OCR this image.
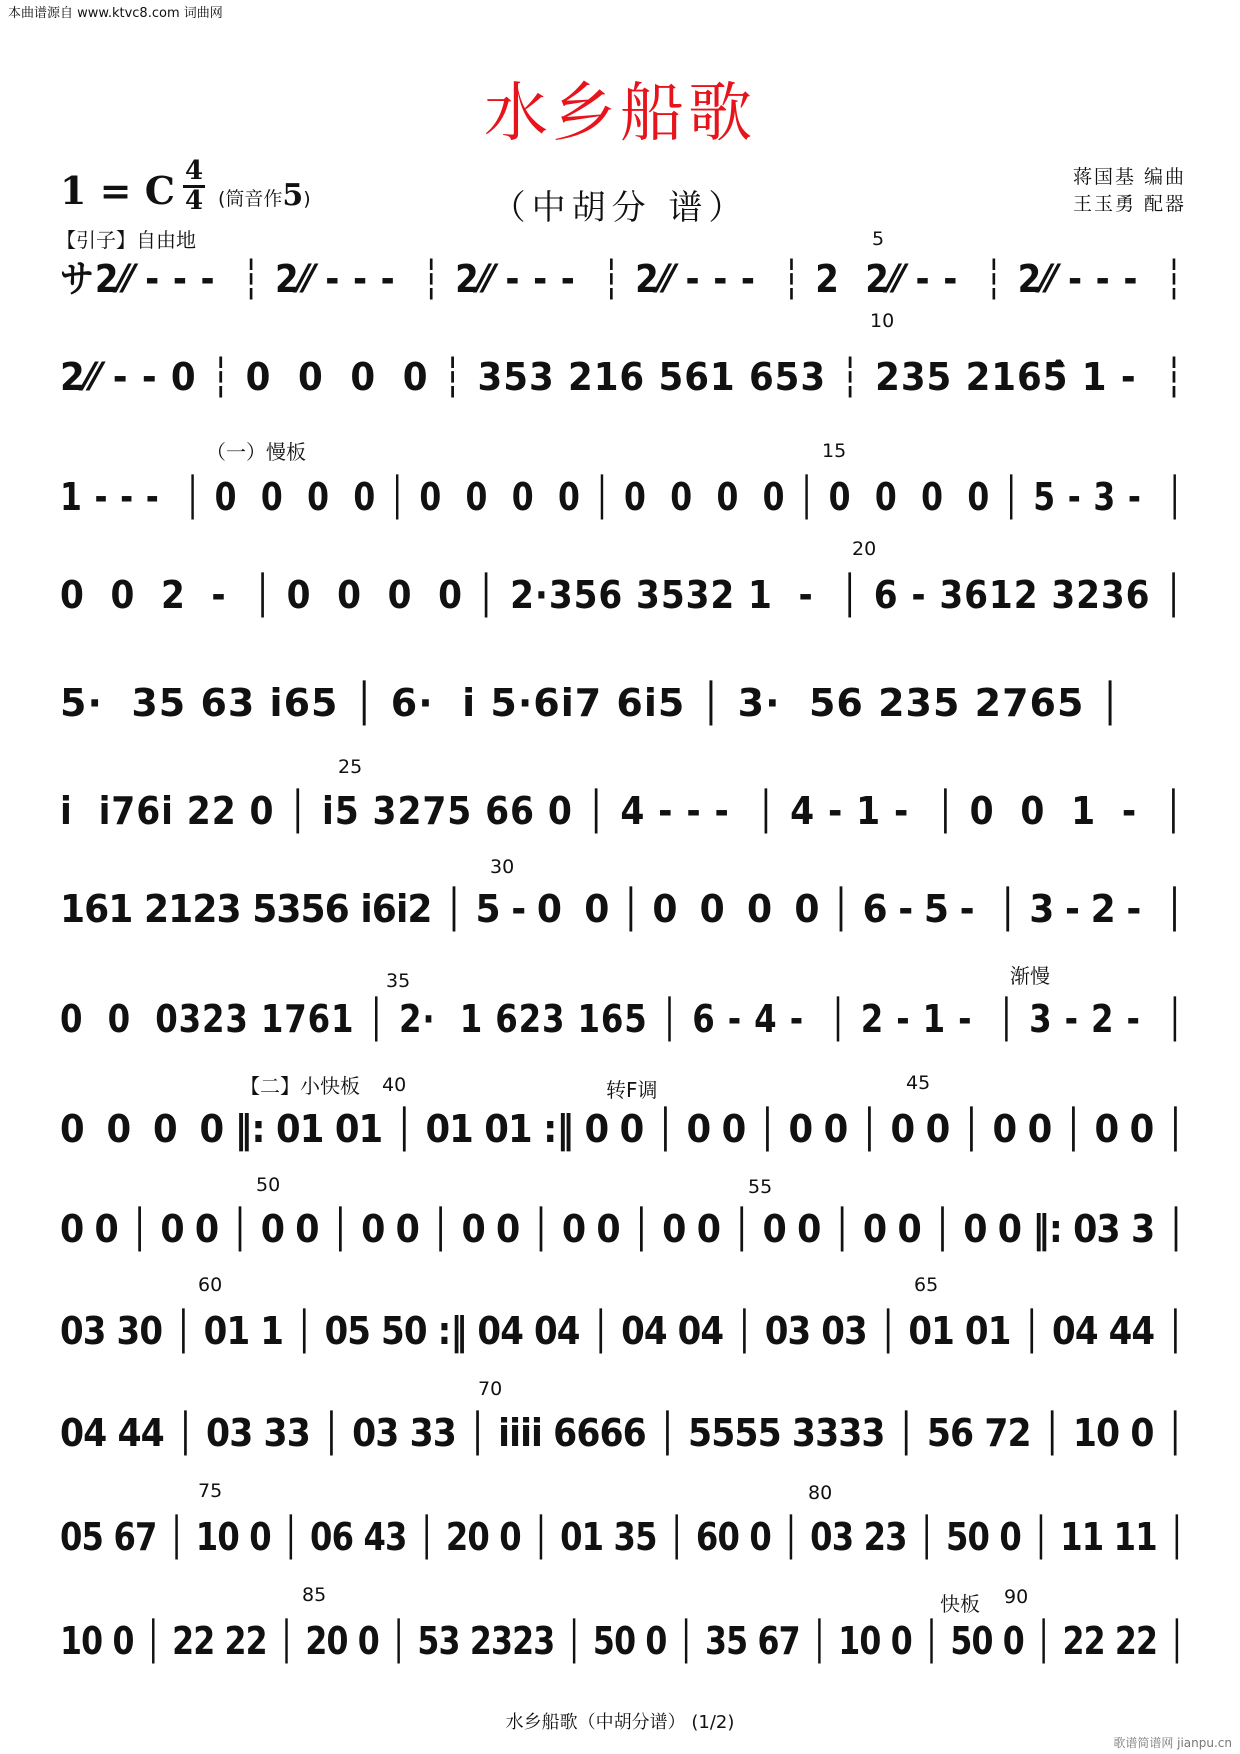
本曲谱源自 www.ktvc8.com 词曲网
水乡船歌
1 = C 4
4 (筒音作5)	（中胡分 谱）
蒋国基 编曲
王玉勇 配器
【引子】自由地
（一）慢板
渐慢
【二】小快板	转F调
快板
5
10
15
20
25
30
35
40	45
50	55
60	65
70
75	80
85	90
サ2⁄⁄ - - -  ┆ 2⁄⁄ - - -  ┆ 2⁄⁄ - - -  ┆ 2⁄⁄ - - -  ┆ 2  2⁄⁄ - -  ┆ 2⁄⁄ - - -  ┆
2⁄⁄ - - 0 ┆ 0  0  0  0 ┆ 353 216 561 653 ┆ 235 2165̂ 1 -  ┆
1 - - -  │ 0  0  0  0 │ 0  0  0  0 │ 0  0  0  0 │ 0  0  0  0 │ 5 - 3 -  │
0  0  2  -  │ 0  0  0  0 │ 2·356 3532 1  -  │ 6 - 3612 3236 │
5·  35 63 i65 │ 6·  i 5·6i7 6i5 │ 3·  56 235 2765 │
i  i76i 22 0 │ i5 3275 66 0 │ 4 - - -  │ 4 - 1 -  │ 0  0  1  -  │
161 2123 5356 i6i2 │ 5 - 0  0 │ 0  0  0  0 │ 6 - 5 -  │ 3 - 2 -  │
0  0  0323 1761 │ 2·  1 623 165 │ 6 - 4 -  │ 2 - 1 -  │ 3 - 2 -  │
0  0  0  0 ‖: 01 01 │ 01 01 :‖ 0 0 │ 0 0 │ 0 0 │ 0 0 │ 0 0 │ 0 0 │
0 0 │ 0 0 │ 0 0 │ 0 0 │ 0 0 │ 0 0 │ 0 0 │ 0 0 │ 0 0 │ 0 0 ‖: 03 3 │
03 30 │ 01 1 │ 05 50 :‖ 04 04 │ 04 04 │ 03 03 │ 01 01 │ 04 44 │
04 44 │ 03 33 │ 03 33 │ iiii 6666 │ 5555 3333 │ 56 72 │ 10 0 │
05 67 │ 10 0 │ 06 43 │ 20 0 │ 01 35 │ 60 0 │ 03 23 │ 50 0 │ 11 11 │
10 0 │ 22 22 │ 20 0 │ 53 2323 │ 50 0 │ 35 67 │ 10 0 │ 50 0 │ 22 22 │
水乡船歌（中胡分谱） (1/2)
歌谱简谱网 jianpu.cn
